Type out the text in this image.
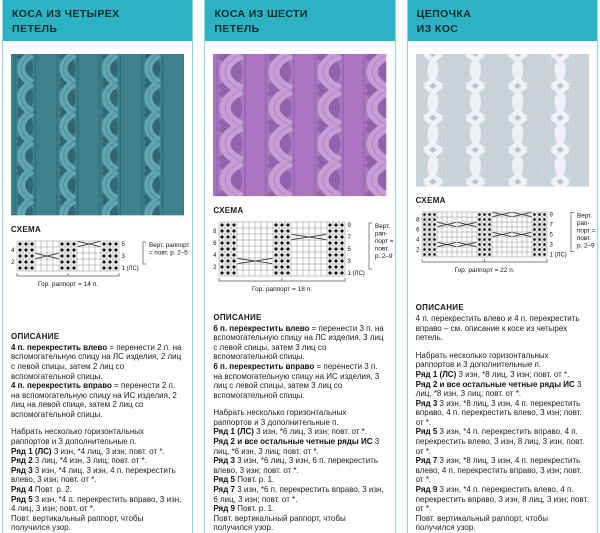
КОСА ИЗ ЧЕТЫРЕХ
ПЕТЕЛЬ
СХЕМА
2
4
1 (ЛС)
3
5
Гор. раппорт = 14 п.
Верт. раппорт
= повт. р. 2–5
ОПИСАНИЕ
4 п. перекрестить влево = перенести 2 п. на вспомогательную спицу на ЛС изделия, 2 лиц с левой спицы, затем 2 лиц со вспомогательной спицы.
4 п. перекрестить вправо = перенести 2 п. на вспомогательную спицу на ИС изделия, 2 лиц на левой спице, затем 2 лиц со вспомогательной спицы.
Набрать несколько горизонтальных раппортов и 3 дополнительные п.
Ряд 1 (ЛС) 3 изн, *4 лиц, 3 изн; повт. от *.
Ряд 2 3 лиц, *4 изн, 3 лиц; повт. от *.
Ряд 3 3 изн, *4 лиц, 3 изн, 4 п. перекрестить влево, 3 изн; повт. от *.
Ряд 4 Повт. р. 2.
Ряд 5 3 изн, *4 п. перекрестить вправо, 3 изн, 4 лиц, 3 изн; повт. от *.
Повт. вертикальный раппорт, чтобы получился узор.
КОСА ИЗ ШЕСТИ
ПЕТЕЛЬ
СХЕМА
2
4
6
8
1 (ЛС)
3
5
7
9
Гор. раппорт = 18 п.
Верт.
рап-
порт =
повт.
р. 2–9
ОПИСАНИЕ
6 п. перекрестить влево = перенести 3 п. на вспомогательную спицу на ЛС изделия, 3 лиц с левой спицы, затем 3 лиц со вспомогательной спицы.
6 п. перекрестить вправо = перенести 3 п. на вспомогательную спицу на ИС изделия, 3 лиц с левой спицы, затем 3 лиц со вспомогательной спицы.
Набрать несколько горизонтальных раппортов и 3 дополнительные п.
Ряд 1 (ЛС) 3 изн, *6 лиц, 3 изн; повт. от *.
Ряд 2 и все остальные четные ряды ИС 3 лиц, *6 изн, 3 лиц; повт. от *.
Ряд 3 3 изн, *6 лиц, 3 изн, 6 п. перекрестить влево, 3 изн; повт. от *.
Ряд 5 Повт. р. 1.
Ряд 7 3 изн, *6 п. перекрестить вправо, 3 изн, 6 лиц, 3 изн; повт. от *.
Ряд 9 Повт. р. 1.
Повт. вертикальный раппорт, чтобы получился узор.
ЦЕПОЧКА
ИЗ КОС
СХЕМА
2
4
6
8
1 (ЛС)
3
5
7
9
Гор. раппорт = 22 п.
Верт.
рап-
порт =
повт.
р. 2–9
ОПИСАНИЕ
4 п. перекрестить влево и 4 п. перекрестить вправо – см. описание к косе из четырех петель.
Набрать несколько горизонтальных раппортов и 3 дополнительные п.
Ряд 1 (ЛС) 3 изн, *8 лиц, 3 изн; повт. от *.
Ряд 2 и все остальные четные ряды ИС 3 лиц, *8 изн, 3 лиц; повт. от *.
Ряд 3 3 изн, *8 лиц, 3 изн, 4 п. перекрестить вправо, 4 п. перекрестить влево, 3 изн; повт. от *.
Ряд 5 3 изн, *4 п. перекрестить вправо, 4 п. перекрестить влево, 3 изн, 8 лиц, 3 изн, повт. от *.
Ряд 7 3 изн, *8 лиц, 3 изн, 4 п. перекрестить влево, 4 п. перекрестить вправо, 3 изн; повт. от *.
Ряд 9 3 изн, *4 п. перекрестить влево, 4 п. перекрестить вправо, 3 изн, 8 лиц, 3 изн; повт. от *.
Повт. вертикальный раппорт, чтобы получился узор.
